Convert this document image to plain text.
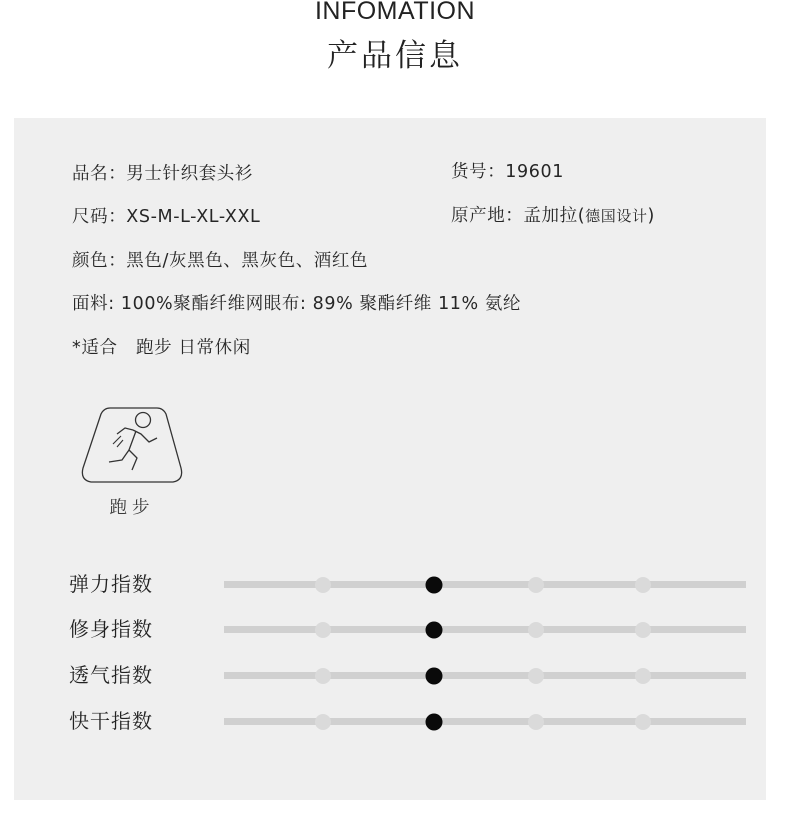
INFOMATION
产品信息
品名：男士针织套头衫	货号：19601
尺码：XS-M-L-XL-XXL	原产地：孟加拉(德国设计)
颜色：黑色/灰黑色、黑灰色、酒红色
面料: 100%聚酯纤维网眼布: 89% 聚酯纤维 11% 氨纶
*适合   跑步 日常休闲
跑步
弹力指数
修身指数
透气指数
快干指数
